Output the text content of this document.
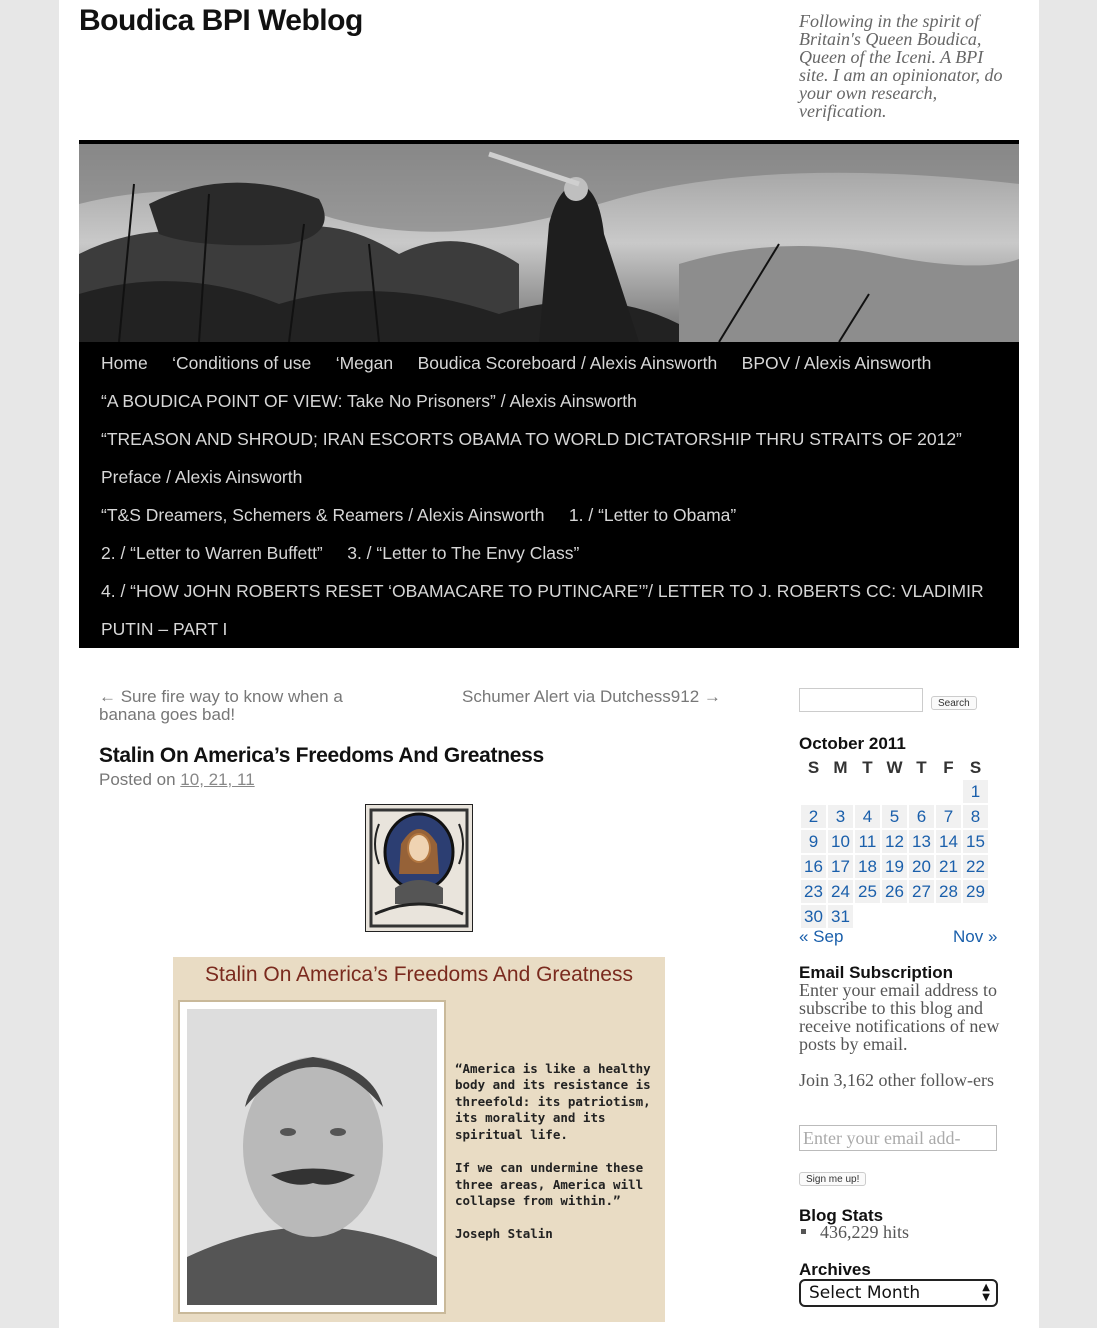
Boudica BPI Weblog	Following in the spirit of Britain's Queen Boudica, Queen of the Iceni. A BPI site. I am an opinionator, do your own research, verification.
Home ‘Conditions of use ‘Megan Boudica Scoreboard / Alexis Ainsworth BPOV / Alexis Ainsworth
“A BOUDICA POINT OF VIEW: Take No Prisoners” / Alexis Ainsworth
“TREASON AND SHROUD; IRAN ESCORTS OBAMA TO WORLD DICTATORSHIP THRU STRAITS OF 2012”
Preface / Alexis Ainsworth
“T&S Dreamers, Schemers & Reamers / Alexis Ainsworth 1. / “Letter to Obama”
2. / “Letter to Warren Buffett” 3. / “Letter to The Envy Class”
4. / “HOW JOHN ROBERTS RESET ‘OBAMACARE TO PUTINCARE’”/ LETTER TO J. ROBERTS CC: VLADIMIR
PUTIN – PART I
← Sure fire way to know when a banana goes bad!
Schumer Alert via Dutchess912 →
Stalin On America’s Freedoms And Greatness
Posted on 10, 21, 11
Stalin On America’s Freedoms And Greatness
“America is like a healthy
body and its resistance is
threefold: its patriotism,
its morality and its
spiritual life.
If we can undermine these
three areas, America will
collapse from within.”
Joseph Stalin
Search
October 2011
S	M	T	W	T	F	S
						1
2	3	4	5	6	7	8
9	10	11	12	13	14	15
16	17	18	19	20	21	22
23	24	25	26	27	28	29
30	31					
« Sep	Nov »
Email Subscription
Enter your email address to subscribe to this blog and receive notifications of new posts by email.
Join 3,162 other follow-ers
Enter your email add-
Sign me up!
Blog Stats
436,229 hits
Archives
Select Month	▲
▼
